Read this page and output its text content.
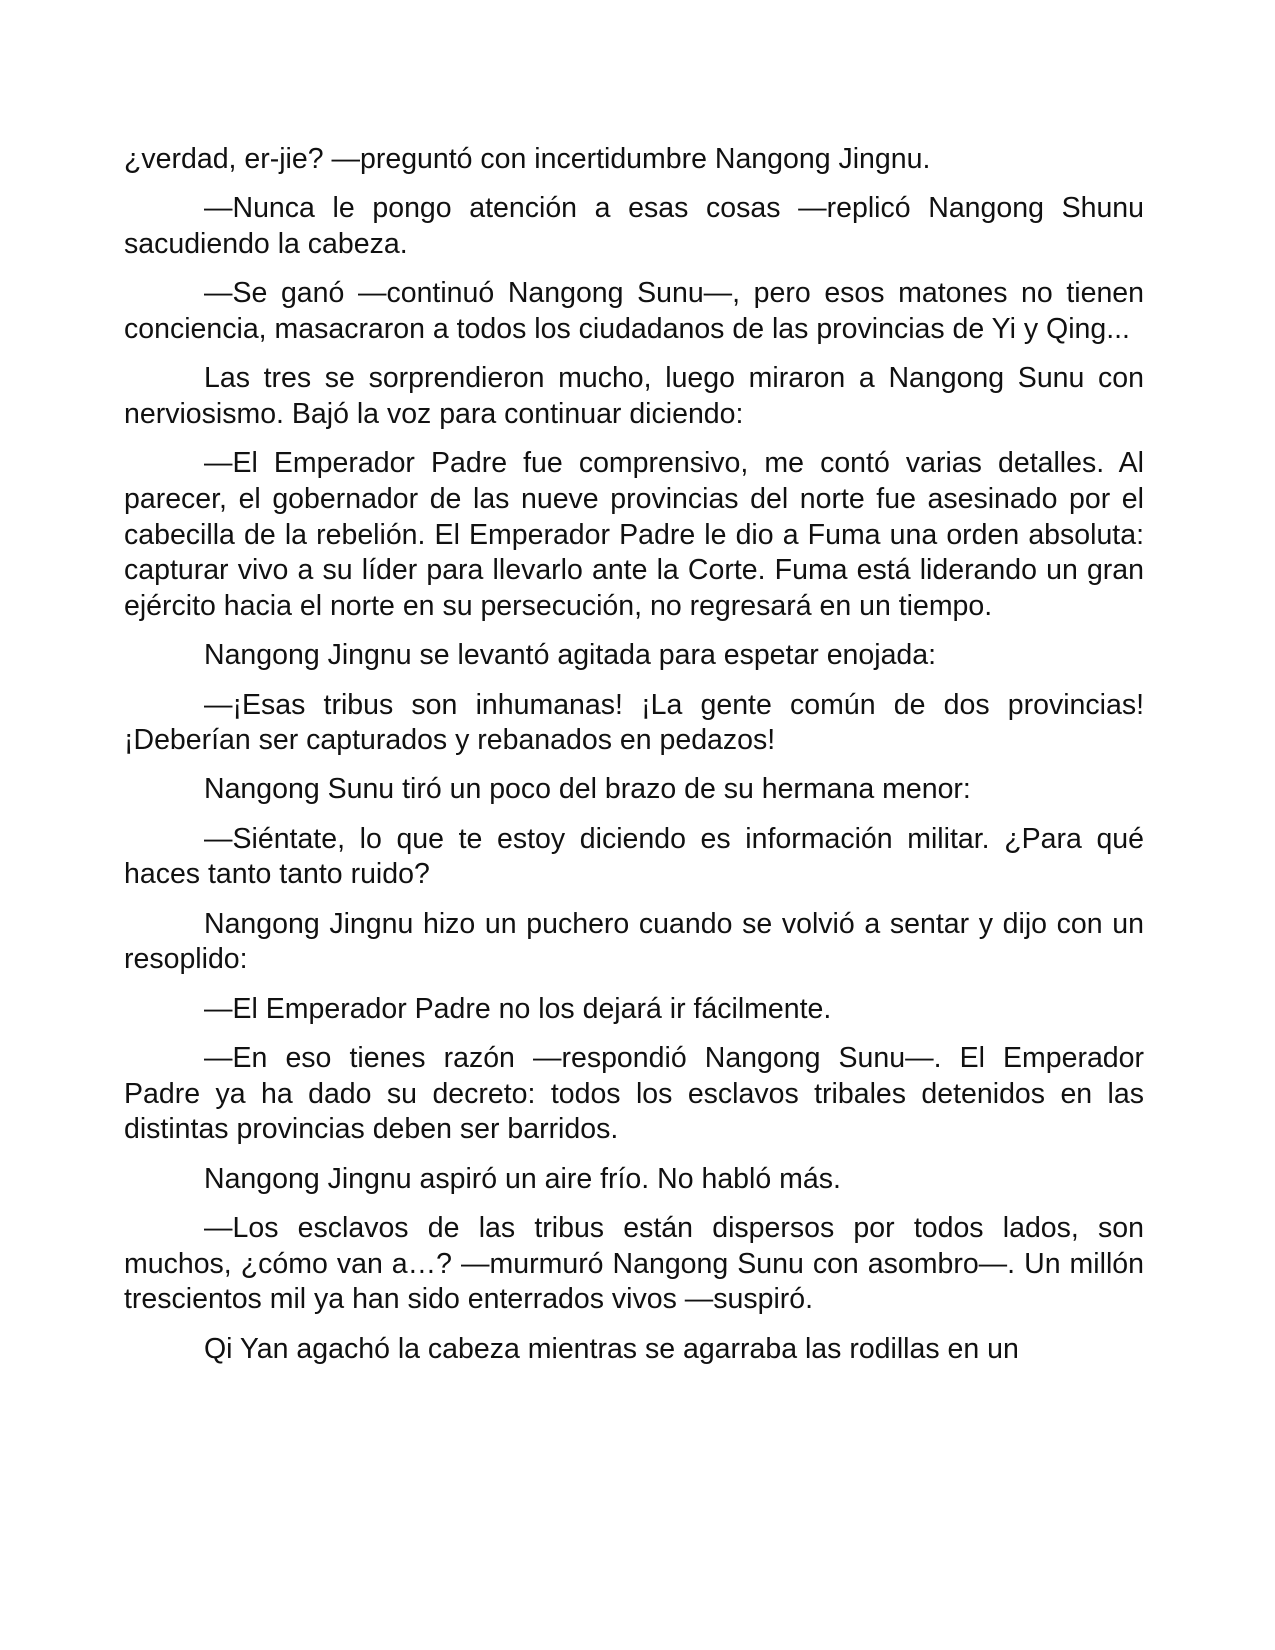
¿verdad, er-jie? —preguntó con incertidumbre Nangong Jingnu.

—Nunca le pongo atención a esas cosas —replicó Nangong Shunu sacudiendo la cabeza.

—Se ganó —continuó Nangong Sunu—, pero esos matones no tienen conciencia, masacraron a todos los ciudadanos de las provincias de Yi y Qing...

Las tres se sorprendieron mucho, luego miraron a Nangong Sunu con nerviosismo. Bajó la voz para continuar diciendo:

—El Emperador Padre fue comprensivo, me contó varias detalles. Al parecer, el gobernador de las nueve provincias del norte fue asesinado por el cabecilla de la rebelión. El Emperador Padre le dio a Fuma una orden absoluta: capturar vivo a su líder para llevarlo ante la Corte. Fuma está liderando un gran ejército hacia el norte en su persecución, no regresará en un tiempo.

Nangong Jingnu se levantó agitada para espetar enojada:

—¡Esas tribus son inhumanas! ¡La gente común de dos provincias! ¡Deberían ser capturados y rebanados en pedazos!

Nangong Sunu tiró un poco del brazo de su hermana menor:

—Siéntate, lo que te estoy diciendo es información militar. ¿Para qué haces tanto tanto ruido?

Nangong Jingnu hizo un puchero cuando se volvió a sentar y dijo con un resoplido:

—El Emperador Padre no los dejará ir fácilmente.

—En eso tienes razón —respondió Nangong Sunu—. El Emperador Padre ya ha dado su decreto: todos los esclavos tribales detenidos en las distintas provincias deben ser barridos.

Nangong Jingnu aspiró un aire frío. No habló más.

—Los esclavos de las tribus están dispersos por todos lados, son muchos, ¿cómo van a…? —murmuró Nangong Sunu con asombro—. Un millón trescientos mil ya han sido enterrados vivos —suspiró.

Qi Yan agachó la cabeza mientras se agarraba las rodillas en un
